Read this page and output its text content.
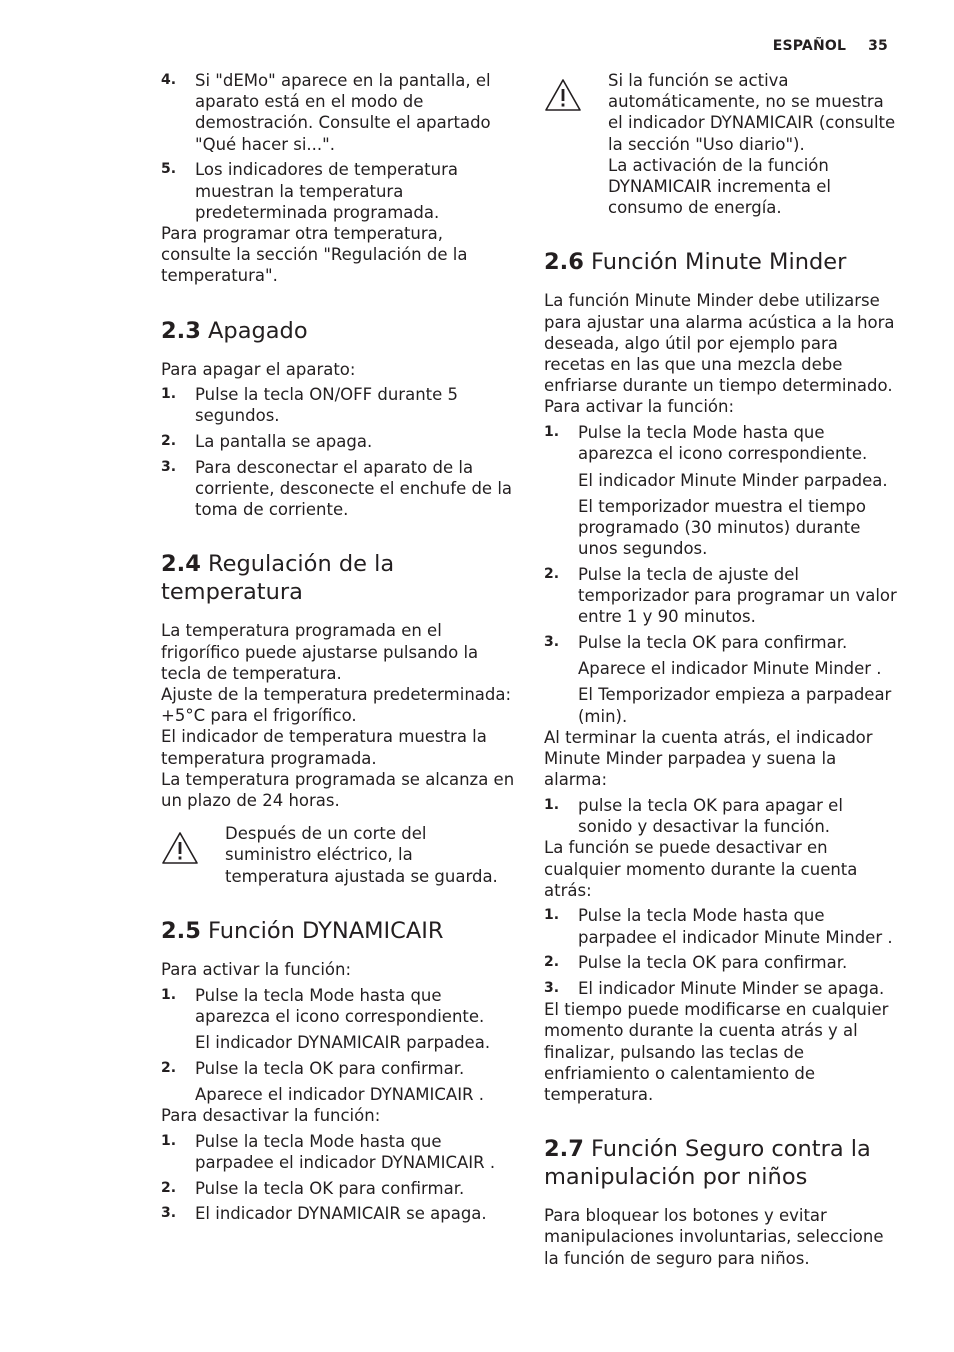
ESPAÑOL 35
4. Si "dEMo" aparece en la pantalla, el aparato está en el modo de demostración. Consulte el apartado "Qué hacer si...".
5. Los indicadores de temperatura muestran la temperatura predeterminada programada.

Para programar otra temperatura, consulte la sección "Regulación de la temperatura".

2.3 Apagado

Para apagar el aparato:

1. Pulse la tecla ON/OFF durante 5 segundos.
2. La pantalla se apaga.
3. Para desconectar el aparato de la corriente, desconecte el enchufe de la toma de corriente.
2.4 Regulación de la temperatura

La temperatura programada en el frigorífico puede ajustarse pulsando la tecla de temperatura.

Ajuste de la temperatura predeterminada: +5°C para el frigorífico.

El indicador de temperatura muestra la temperatura programada.

La temperatura programada se alcanza en un plazo de 24 horas.

Después de un corte del suministro eléctrico, la temperatura ajustada se guarda.
2.5 Función DYNAMICAIR

Para activar la función:

1. Pulse la tecla Mode hasta que aparezca el icono correspondiente.
El indicador DYNAMICAIR parpadea.
2. Pulse la tecla OK para confirmar.
Aparece el indicador DYNAMICAIR .

Para desactivar la función:

1. Pulse la tecla Mode hasta que parpadee el indicador DYNAMICAIR .
2. Pulse la tecla OK para confirmar.
3. El indicador DYNAMICAIR se apaga.
Si la función se activa automáticamente, no se muestra el indicador DYNAMICAIR (consulte la sección "Uso diario").
La activación de la función DYNAMICAIR incrementa el consumo de energía.
2.6 Función Minute Minder

La función Minute Minder debe utilizarse para ajustar una alarma acústica a la hora deseada, algo útil por ejemplo para recetas en las que una mezcla debe enfriarse durante un tiempo determinado.

Para activar la función:

1. Pulse la tecla Mode hasta que aparezca el icono correspondiente.
El indicador Minute Minder parpadea.
El temporizador muestra el tiempo programado (30 minutos) durante unos segundos.
2. Pulse la tecla de ajuste del temporizador para programar un valor entre 1 y 90 minutos.
3. Pulse la tecla OK para confirmar.
Aparece el indicador Minute Minder .
El Temporizador empieza a parpadear (min).

Al terminar la cuenta atrás, el indicador Minute Minder parpadea y suena la alarma:

1. pulse la tecla OK para apagar el sonido y desactivar la función.

La función se puede desactivar en cualquier momento durante la cuenta atrás:

1. Pulse la tecla Mode hasta que parpadee el indicador Minute Minder .
2. Pulse la tecla OK para confirmar.
3. El indicador Minute Minder se apaga.

El tiempo puede modificarse en cualquier momento durante la cuenta atrás y al finalizar, pulsando las teclas de enfriamiento o calentamiento de temperatura.

2.7 Función Seguro contra la manipulación por niños

Para bloquear los botones y evitar manipulaciones involuntarias, seleccione la función de seguro para niños.
